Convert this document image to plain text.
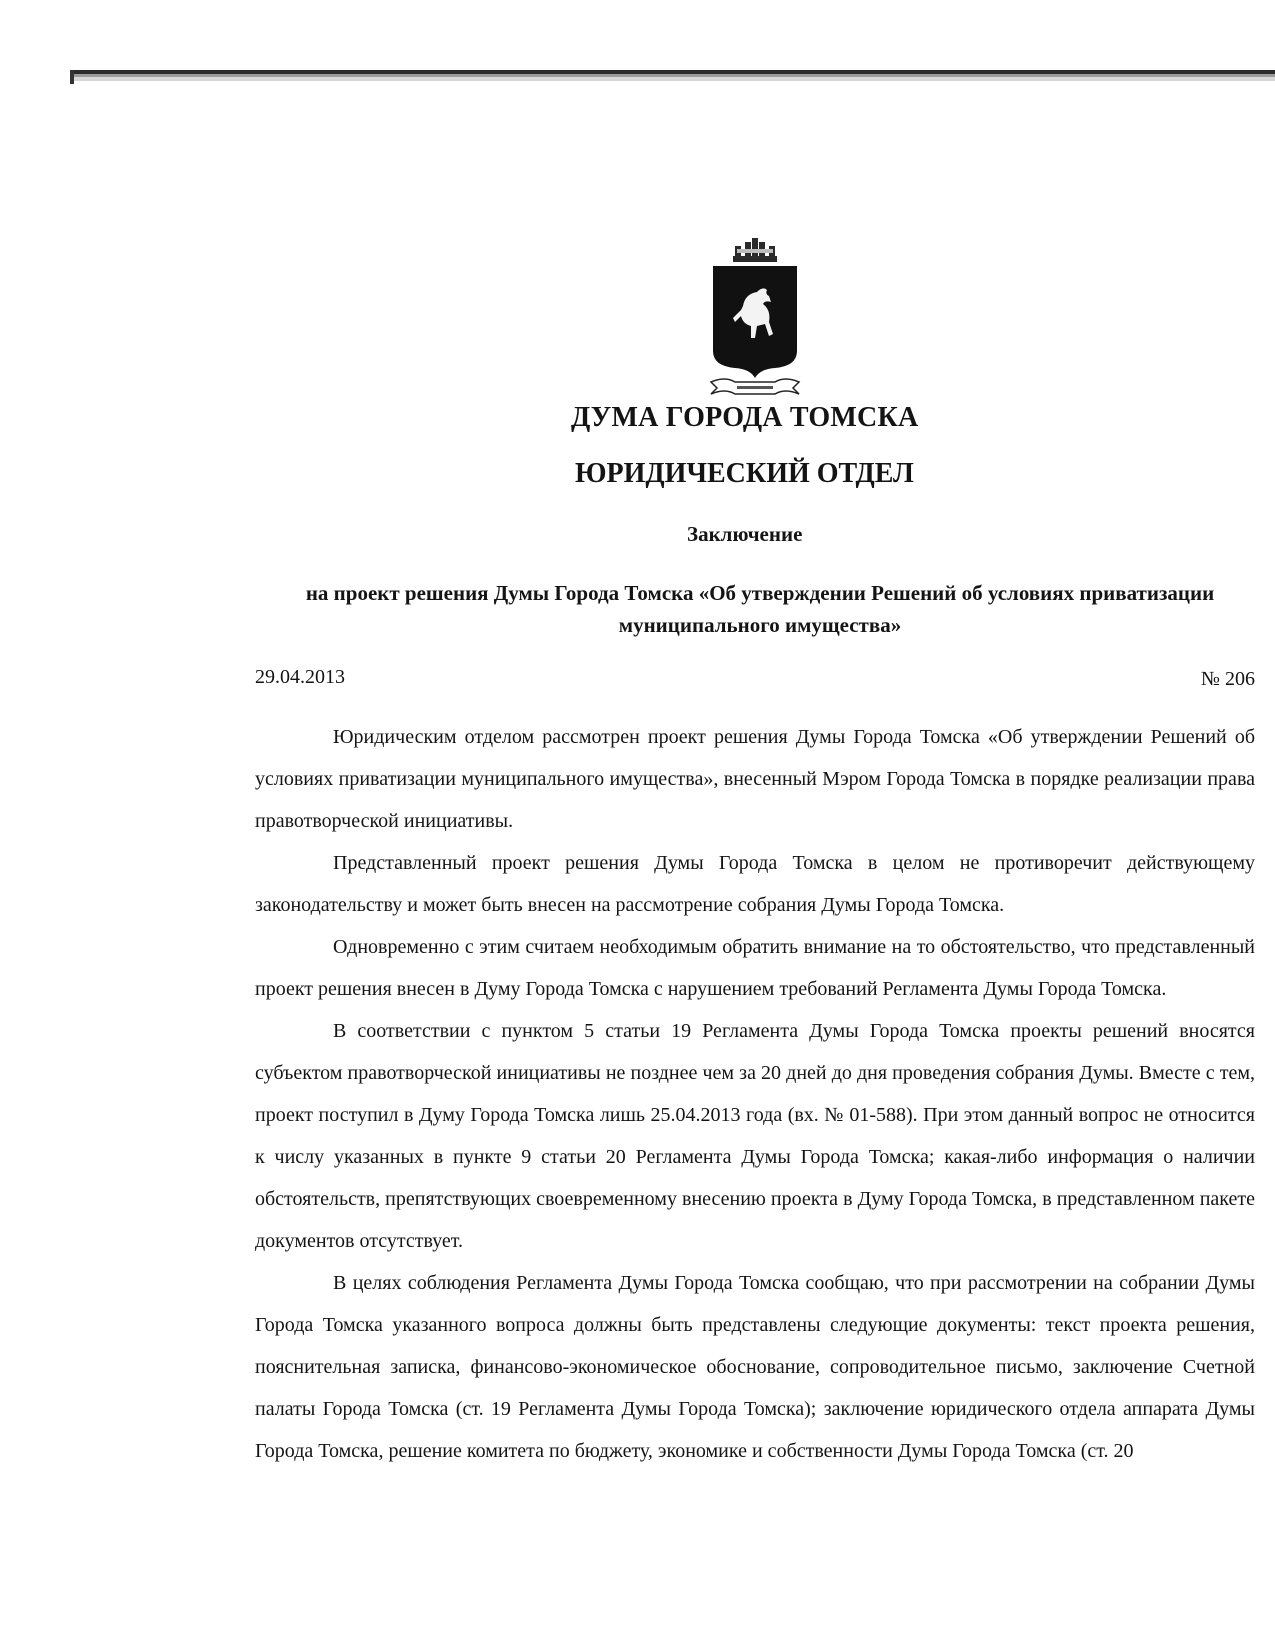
ДУМА ГОРОДА ТОМСКА
ЮРИДИЧЕСКИЙ ОТДЕЛ
Заключение
на проект решения Думы Города Томска «Об утверждении Решений об условиях приватизации муниципального имущества»
29.04.2013	№ 206

Юридическим отделом рассмотрен проект решения Думы Города Томска «Об утверждении Решений об условиях приватизации муниципального имущества», внесенный Мэром Города Томска в порядке реализации права правотворческой инициативы.

Представленный проект решения Думы Города Томска в целом не противоречит действующему законодательству и может быть внесен на рассмотрение собрания Думы Города Томска.

Одновременно с этим считаем необходимым обратить внимание на то обстоятельство, что представленный проект решения внесен в Думу Города Томска с нарушением требований Регламента Думы Города Томска.

В соответствии с пунктом 5 статьи 19 Регламента Думы Города Томска проекты решений вносятся субъектом правотворческой инициативы не позднее чем за 20 дней до дня проведения собрания Думы. Вместе с тем, проект поступил в Думу Города Томска лишь 25.04.2013 года (вх. № 01-588). При этом данный вопрос не относится к числу указанных в пункте 9 статьи 20 Регламента Думы Города Томска; какая-либо информация о наличии обстоятельств, препятствующих своевременному внесению проекта в Думу Города Томска, в представленном пакете документов отсутствует.

В целях соблюдения Регламента Думы Города Томска сообщаю, что при рассмотрении на собрании Думы Города Томска указанного вопроса должны быть представлены следующие документы: текст проекта решения, пояснительная записка, финансово-экономическое обоснование, сопроводительное письмо, заключение Счетной палаты Города Томска (ст. 19 Регламента Думы Города Томска); заключение юридического отдела аппарата Думы Города Томска, решение комитета по бюджету, экономике и собственности Думы Города Томска (ст. 20
